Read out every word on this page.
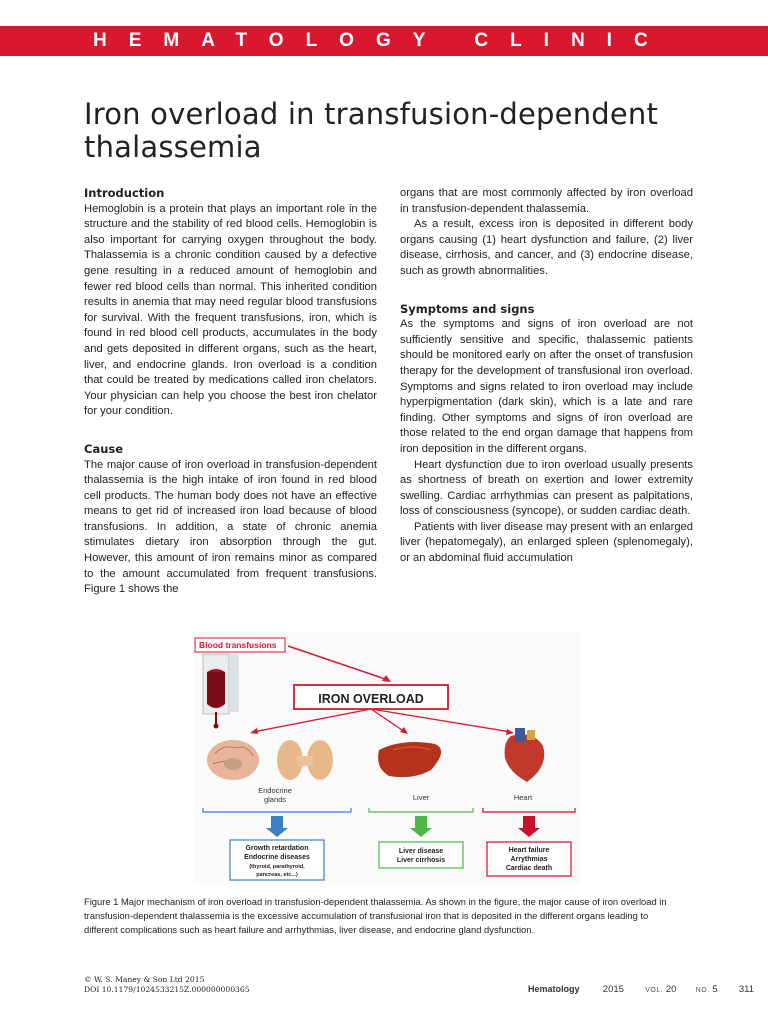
HEMATOLOGY CLINIC
Iron overload in transfusion-dependent thalassemia
Introduction

Hemoglobin is a protein that plays an important role in the structure and the stability of red blood cells. Hemoglobin is also important for carrying oxygen throughout the body. Thalassemia is a chronic condition caused by a defective gene resulting in a reduced amount of hemoglobin and fewer red blood cells than normal. This inherited condition results in anemia that may need regular blood transfusions for survival. With the frequent transfusions, iron, which is found in red blood cell products, accumulates in the body and gets deposited in different organs, such as the heart, liver, and endocrine glands. Iron overload is a condition that could be treated by medications called iron chelators. Your physician can help you choose the best iron chelator for your condition.

Cause

The major cause of iron overload in transfusion-dependent thalassemia is the high intake of iron found in red blood cell products. The human body does not have an effective means to get rid of increased iron load because of blood transfusions. In addition, a state of chronic anemia stimulates dietary iron absorption through the gut. However, this amount of iron remains minor as compared to the amount accumulated from frequent transfusions. Figure 1 shows the

organs that are most commonly affected by iron overload in transfusion-dependent thalassemia.

As a result, excess iron is deposited in different body organs causing (1) heart dysfunction and failure, (2) liver disease, cirrhosis, and cancer, and (3) endocrine disease, such as growth abnormalities.

Symptoms and signs

As the symptoms and signs of iron overload are not sufficiently sensitive and specific, thalassemic patients should be monitored early on after the onset of transfusion therapy for the development of transfusional iron overload. Symptoms and signs related to iron overload may include hyperpigmentation (dark skin), which is a late and rare finding. Other symptoms and signs of iron overload are those related to the end organ damage that happens from iron deposition in the different organs.

Heart dysfunction due to iron overload usually presents as shortness of breath on exertion and lower extremity swelling. Cardiac arrhythmias can present as palpitations, loss of consciousness (syncope), or sudden cardiac death.

Patients with liver disease may present with an enlarged liver (hepatomegaly), an enlarged spleen (splenomegaly), or an abdominal fluid accumulation

Blood transfusions
IRON OVERLOAD
Endocrine
glands	Liver	Heart
Growth retardation
Endocrine diseases
(thyroid, parathyroid,
pancreas, etc...)
Liver disease
Liver cirrhosis
Heart failure
Arrythmias
Cardiac death

Figure 1 Major mechanism of iron overload in transfusion-dependent thalassemia. As shown in the figure, the major cause of iron overload in transfusion-dependent thalassemia is the excessive accumulation of transfusional iron that is deposited in the different organs leading to different complications such as heart failure and arrhythmias, liver disease, and endocrine gland dysfunction.

© W. S. Maney & Son Ltd 2015
DOI 10.1179/1024533215Z.000000000365	Hematology 2015	VOL. 20	NO. 5 311
